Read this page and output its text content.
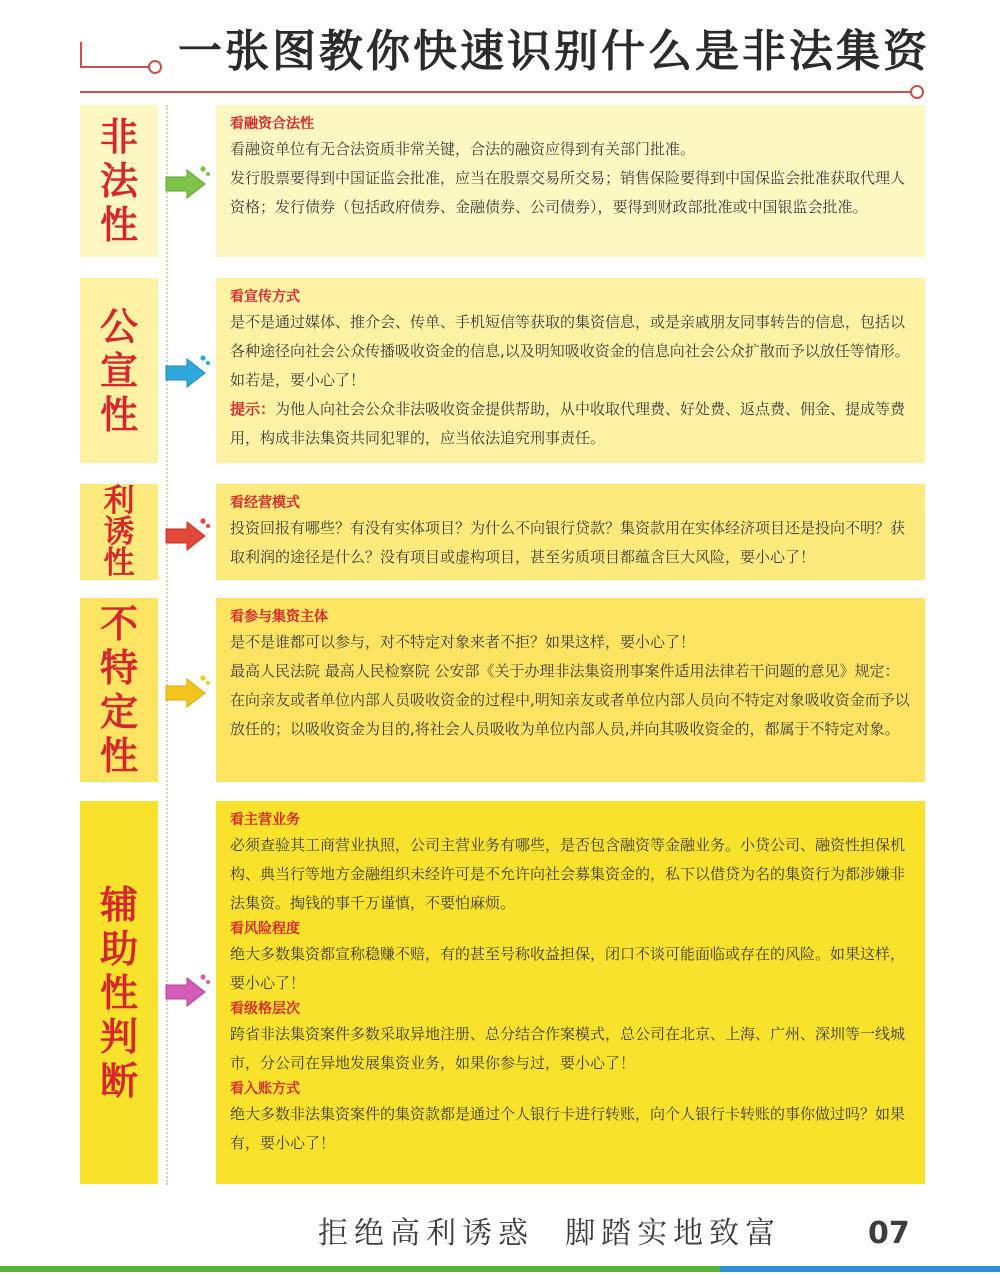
一张图教你快速识别什么是非法集资
非法性
看融资合法性
看融资单位有无合法资质非常关键，合法的融资应得到有关部门批准。
发行股票要得到中国证监会批准，应当在股票交易所交易；销售保险要得到中国保监会批准获取代理人资格；发行债券（包括政府债券、金融债券、公司债券），要得到财政部批准或中国银监会批准。
公宣性
看宣传方式
是不是通过媒体、推介会、传单、手机短信等获取的集资信息，或是亲戚朋友同事转告的信息，包括以各种途径向社会公众传播吸收资金的信息,以及明知吸收资金的信息向社会公众扩散而予以放任等情形。如若是，要小心了！
提示：为他人向社会公众非法吸收资金提供帮助，从中收取代理费、好处费、返点费、佣金、提成等费用，构成非法集资共同犯罪的，应当依法追究刑事责任。
利诱性
看经营模式
投资回报有哪些？有没有实体项目？为什么不向银行贷款？集资款用在实体经济项目还是投向不明？获取利润的途径是什么？没有项目或虚构项目，甚至劣质项目都蕴含巨大风险，要小心了！
不特定性
看参与集资主体
是不是谁都可以参与，对不特定对象来者不拒？如果这样，要小心了！
最高人民法院 最高人民检察院 公安部《关于办理非法集资刑事案件适用法律若干问题的意见》规定：在向亲友或者单位内部人员吸收资金的过程中,明知亲友或者单位内部人员向不特定对象吸收资金而予以放任的；以吸收资金为目的,将社会人员吸收为单位内部人员,并向其吸收资金的，都属于不特定对象。
辅助性判断
看主营业务
必须查验其工商营业执照，公司主营业务有哪些，是否包含融资等金融业务。小贷公司、融资性担保机构、典当行等地方金融组织未经许可是不允许向社会募集资金的，私下以借贷为名的集资行为都涉嫌非法集资。掏钱的事千万谨慎，不要怕麻烦。
看风险程度
绝大多数集资都宣称稳赚不赔，有的甚至号称收益担保，闭口不谈可能面临或存在的风险。如果这样，要小心了！
看级格层次
跨省非法集资案件多数采取异地注册、总分结合作案模式，总公司在北京、上海、广州、深圳等一线城市，分公司在异地发展集资业务，如果你参与过，要小心了！
看入账方式
绝大多数非法集资案件的集资款都是通过个人银行卡进行转账，向个人银行卡转账的事你做过吗？如果有，要小心了！
拒绝高利诱惑  脚踏实地致富	07
